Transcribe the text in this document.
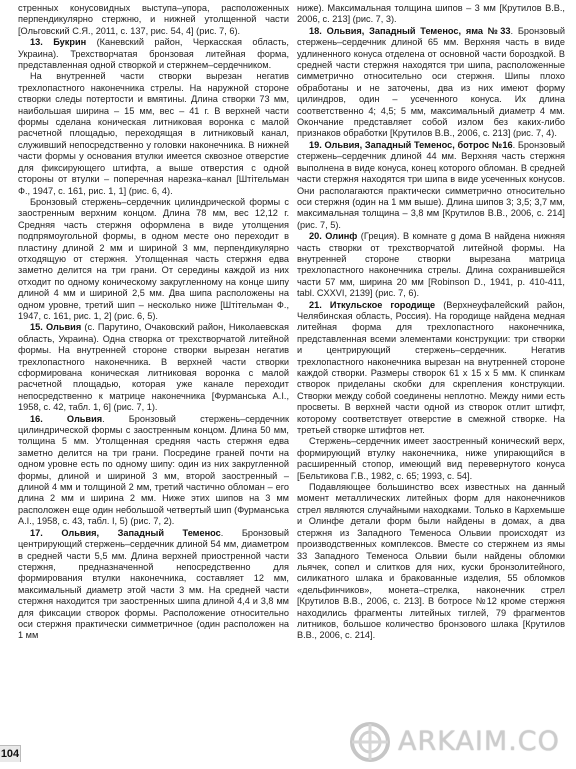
стренных конусовидных выступа–упора, расположенных перпендикулярно стержню, и нижней утолщенной части [Ольговский С.Я., 2011, с. 137, рис. 54, 4] (рис. 7, 6).

13. Букрин (Каневский район, Черкасская область, Украина). Трехстворчатая бронзовая литейная форма, представленная одной створкой и стержнем–сердечником.

На внутренней части створки вырезан негатив трехлопастного наконечника стрелы. На наружной стороне створки следы потертости и вмятины. Длина створки 73 мм, наибольшая ширина – 15 мм, вес – 41 г. В верхней части формы сделана коническая литниковая воронка с малой расчетной площадью, переходящая в литниковый канал, служивший непосредственно у головки наконечника. В нижней части формы у основания втулки имеется сквозное отверстие для фиксирующего штифта, а выше отверстия с одной стороны от втулки – поперечная нарезка–канал [Штітельман Ф., 1947, с. 161, рис. 1, 1] (рис. 6, 4).

Бронзовый стержень–сердечник цилиндрической формы с заостренным верхним концом. Длина 78 мм, вес 12,12 г. Средняя часть стержня оформлена в виде утолщения подпрямоугольной формы, в одном месте оно переходит в пластину длиной 2 мм и шириной 3 мм, перпендикулярно отходящую от стержня. Утолщенная часть стержня едва заметно делится на три грани. От середины каждой из них отходит по одному коническому закругленному на конце шипу длиной 4 мм и шириной 2,5 мм. Два шипа расположены на одном уровне, третий шип – несколько ниже [Штітельман Ф., 1947, с. 161, рис. 1, 2] (рис. 6, 5).

15. Ольвия (с. Парутино, Очаковский район, Николаевская область, Украина). Одна створка от трехстворчатой литейной формы. На внутренней стороне створки вырезан негатив трехлопастного наконечника. В верхней части створки сформирована коническая литниковая воронка с малой расчетной площадью, которая уже канале переходит непосредственно к матрице наконечника [Фурманська А.І., 1958, с. 42, табл. 1, 6] (рис. 7, 1).

16.	Ольвия. Бронзовый стержень–сердечник цилиндрической формы с заостренным концом. Длина 50 мм, толщина 5 мм. Утолщенная средняя часть стержня едва заметно делится на три грани. Посредине граней почти на одном уровне есть по одному шипу: один из них закругленной формы, длиной и шириной 3 мм, второй заостренный – длиной 4 мм и толщиной 2 мм, третий частично обломан – его длина 2 мм и ширина 2 мм. Ниже этих шипов на 3 мм расположен еще один небольшой четвертый шип (Фурманська А.І., 1958, с. 43, табл. I, 5) (рис. 7, 2).

17. Ольвия, Западный Теменос. Бронзовый центрирующий стержень–сердечник длиной 54 мм, диаметром в средней части 5,5 мм. Длина верхней приостренной части стержня, предназначенной непосредственно для формирования втулки наконечника, составляет 12 мм, максимальный диаметр этой части 3 мм. На средней части стержня находится три заостренных шипа длиной 4,4 и 3,8 мм для фиксации створок формы. Расположение относительно оси стержня практически симметричное (один расположен на 1 мм

ниже). Максимальная толщина шипов – 3 мм [Крутилов В.В., 2006, с. 213] (рис. 7, 3).

18. Ольвия, Западный Теменос, яма №33. Бронзовый стержень–сердечник длиной 65 мм. Верхняя часть в виде удлиненного конуса отделена от основной части бороздкой. В средней части стержня находятся три шипа, расположенные симметрично относительно оси стержня. Шипы плохо обработаны и не заточены, два из них имеют форму цилиндров, один – усеченного конуса. Их длина соответственно 4; 4,5; 5 мм, максимальный диаметр 4 мм. Окончание представляет собой излом без каких-либо признаков обработки [Крутилов В.В., 2006, с. 213] (рис. 7, 4).

19. Ольвия, Западный Теменос, ботрос №16. Бронзовый стержень–сердечник длиной 44 мм. Верхняя часть стержня выполнена в виде конуса, конец которого обломан. В средней части стержня находятся три шипа в виде усеченных конусов. Они располагаются практически симметрично относительно оси стержня (один на 1 мм выше). Длина шипов 3; 3,5; 3,7 мм, максимальная толщина – 3,8 мм [Крутилов В.В., 2006, с. 214] (рис. 7, 5).

20. Олинф (Греция). В комнате g дома B найдена нижняя часть створки от трехстворчатой литейной формы. На внутренней стороне створки вырезана матрица трехлопастного наконечника стрелы. Длина сохранившейся части 57 мм, ширина 20 мм [Robinson D., 1941, p. 410-411, tabl. CXXVI, 2139] (рис. 7, 6).

21. Иткульское городище (Верхнеуфалейский район, Челябинская область, Россия). На городище найдена медная литейная форма для трехлопастного наконечника, представленная всеми элементами конструкции: три створки и центрирующий стержень–сердечник. Негатив трехлопастного наконечника вырезан на внутренней стороне каждой створки. Размеры створок 61 х 15 х 5 мм. К спинкам створок приделаны скобки для скрепления конструкции. Створки между собой соединены неплотно. Между ними есть просветы. В верхней части одной из створок отлит штифт, которому соответствует отверстие в смежной створке. На третьей створке штифтов нет.

Стержень–сердечник имеет заостренный конический верх, формирующий втулку наконечника, ниже упирающийся в расширенный стопор, имеющий вид перевернутого конуса [Бельтикова Г.В., 1982, с. 65; 1993, с. 54].

Подавляющее большинство всех известных на данный момент металлических литейных форм для наконечников стрел являются случайными находками. Только в Кархемыше и Олинфе детали форм были найдены в домах, а два стержня из Западного Теменоса Ольвии происходят из производственных комплексов. Вместе со стержнем из ямы 33 Западного Теменоса Ольвии были найдены обломки льячек, сопел и слитков для них, куски бронзолитейного, силикатного шлака и бракованные изделия, 55 обломков «дельфинчиков», монета–стрелка, наконечник стрел [Крутилов В.В., 2006, с. 213]. В ботросе №12 кроме стержня находились фрагменты литейных тиглей, 79 фрагментов литников, большое количество бронзового шлака [Крутилов В.В., 2006, с. 214].

104	ARKAIM.CO
